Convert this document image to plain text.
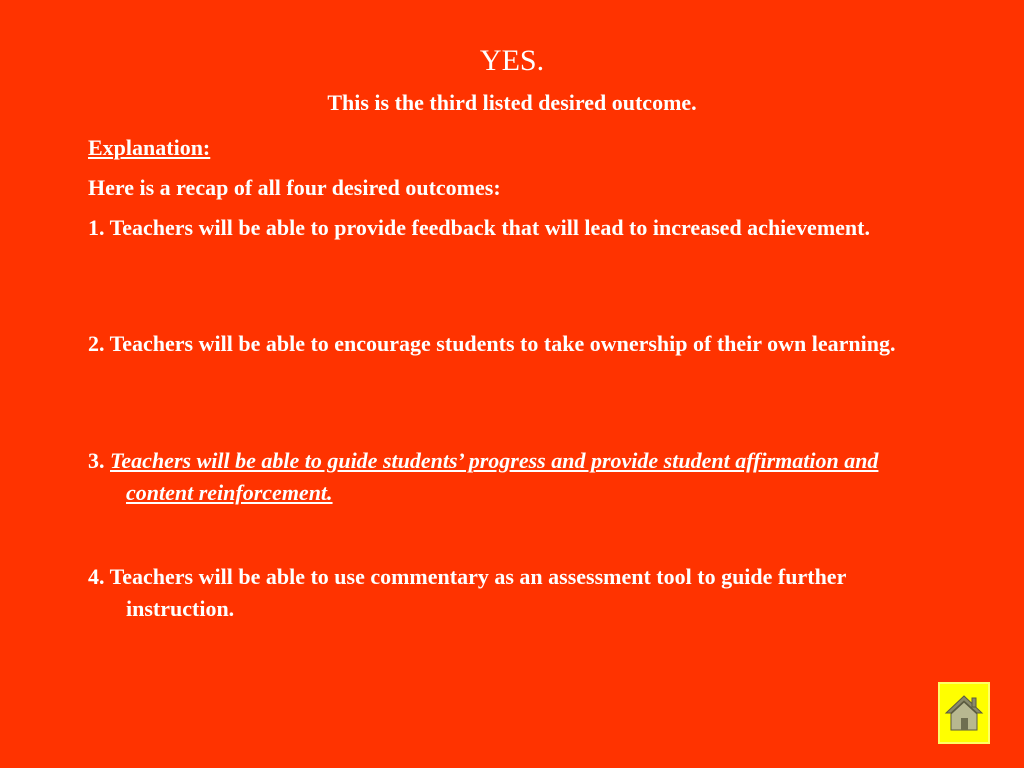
YES.
This is the third listed desired outcome.
Explanation:
Here is a recap of all four desired outcomes:
1. Teachers will be able to provide feedback that will lead to increased achievement.
2. Teachers will be able to encourage students to take ownership of their own learning.
3. Teachers will be able to guide students’ progress and provide student affirmation and content reinforcement.
4. Teachers will be able to use commentary as an assessment tool to guide further instruction.
